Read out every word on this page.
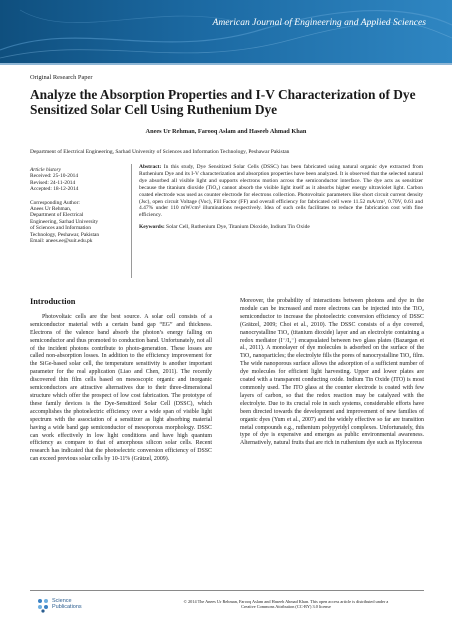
American Journal of Engineering and Applied Sciences
Original Research Paper
Analyze the Absorption Properties and I-V Characterization of Dye Sensitized Solar Cell Using Ruthenium Dye
Anees Ur Rehman, Farooq Aslam and Haseeb Ahmad Khan
Department of Electrical Engineering, Sarhad University of Sciences and Information Technology, Peshawar Pakistan
Article history
Received: 25-10-2014
Revised: 24-11-2014
Accepted: 18-12-2014
Corresponding Author:
Anees Ur Rehman,
Department of Electrical
Engineering, Sarhad University
of Sciences and Information
Technology, Peshawar, Pakistan
Email: anees.ee@suit.edu.pk

Abstract: In this study, Dye Sensitized Solar Cells (DSSC) has been fabricated using natural organic dye extracted from Ruthenium Dye and its I-V characterization and absorption properties have been analyzed. It is observed that the selected natural dye absorbed all visible light and supports electrons motion across the semiconductor interface. The dye acts as sensitizer because the titanium dioxide (TiO₂) cannot absorb the visible light itself as it absorbs higher energy ultraviolet light. Carbon coated electrode was used as counter electrode for electrons collection. Photovoltaic parameters like short circuit current density (Jsc), open circuit Voltage (Voc), Fill Factor (FF) and overall efficiency for fabricated cell were 11.52 mA/cm², 0.70V, 0.61 and 4.47% under 110 mW/cm² illuminations respectively. Idea of such cells facilitates to reduce the fabrication cost with fine efficiency.

Keywords: Solar Cell, Ruthenium Dye, Titanium Dioxide, Indium Tin Oxide

Introduction

Photovoltaic cells are the best source. A solar cell consists of a semiconductor material with a certain band gap “EG” and thickness. Electrons of the valence band absorb the photon’s energy falling on semiconductor and thus promoted to conduction band. Unfortunately, not all of the incident photons contribute to photo-generation. These losses are called non-absorption losses. In addition to the efficiency improvement for the SiGe-based solar cell, the temperature sensitivity is another important parameter for the real application (Liao and Chen, 2011). The recently discovered thin film cells based on mesoscopic organic and inorganic semiconductors are attractive alternatives due to their three-dimensional structure which offer the prospect of low cost fabrication. The prototype of these family devices is the Dye-Sensitized Solar Cell (DSSC), which accomplishes the photoelectric efficiency over a wide span of visible light spectrum with the association of a sensitizer as light absorbing material having a wide band gap semiconductor of mesoporous morphology. DSSC can work effectively in low light conditions and have high quantum efficiency as compare to that of amorphous silicon solar cells. Recent research has indicated that the photoelectric conversion efficiency of DSSC can exceed previous solar cells by 10-11% (Grätzel, 2009).

Moreover, the probability of interactions between photons and dye in the module can be increased and more electrons can be injected into the TiO₂ semiconductor to increase the photoelectric conversion efficiency of DSSC (Grätzel, 2009; Choi et al., 2010). The DSSC consists of a dye covered, nanocrystalline TiO₂ (titanium dioxide) layer and an electrolyte containing a redox mediator (I⁻/I₃⁻) encapsulated between two glass plates (Bazargan et al., 2011). A monolayer of dye molecules is adsorbed on the surface of the TiO₂ nanoparticles; the electrolyte fills the pores of nanocrystalline TiO₂ film. The wide nanoporous surface allows the adsorption of a sufficient number of dye molecules for efficient light harvesting. Upper and lower plates are coated with a transparent conducting oxide. Indium Tin Oxide (ITO) is most commonly used. The ITO glass at the counter electrode is coated with few layers of carbon, so that the redox reaction may be catalyzed with the electrolyte. Due to its crucial role in such systems, considerable efforts have been directed towards the development and improvement of new families of organic dyes (Yum et al., 2007) and the widely effective so far are transition metal compounds e.g., ruthenium polypyridyl complexes. Unfortunately, this type of dye is expensive and emerges as public environmental awareness. Alternatively, natural fruits that are rich in ruthenium dye such as Hylocereus

Science
Publications
© 2014 The Anees Ur Rehman, Farooq Aslam and Haseeb Ahmad Khan. This open access article is distributed under a
Creative Commons Attribution (CC-BY) 3.0 license
